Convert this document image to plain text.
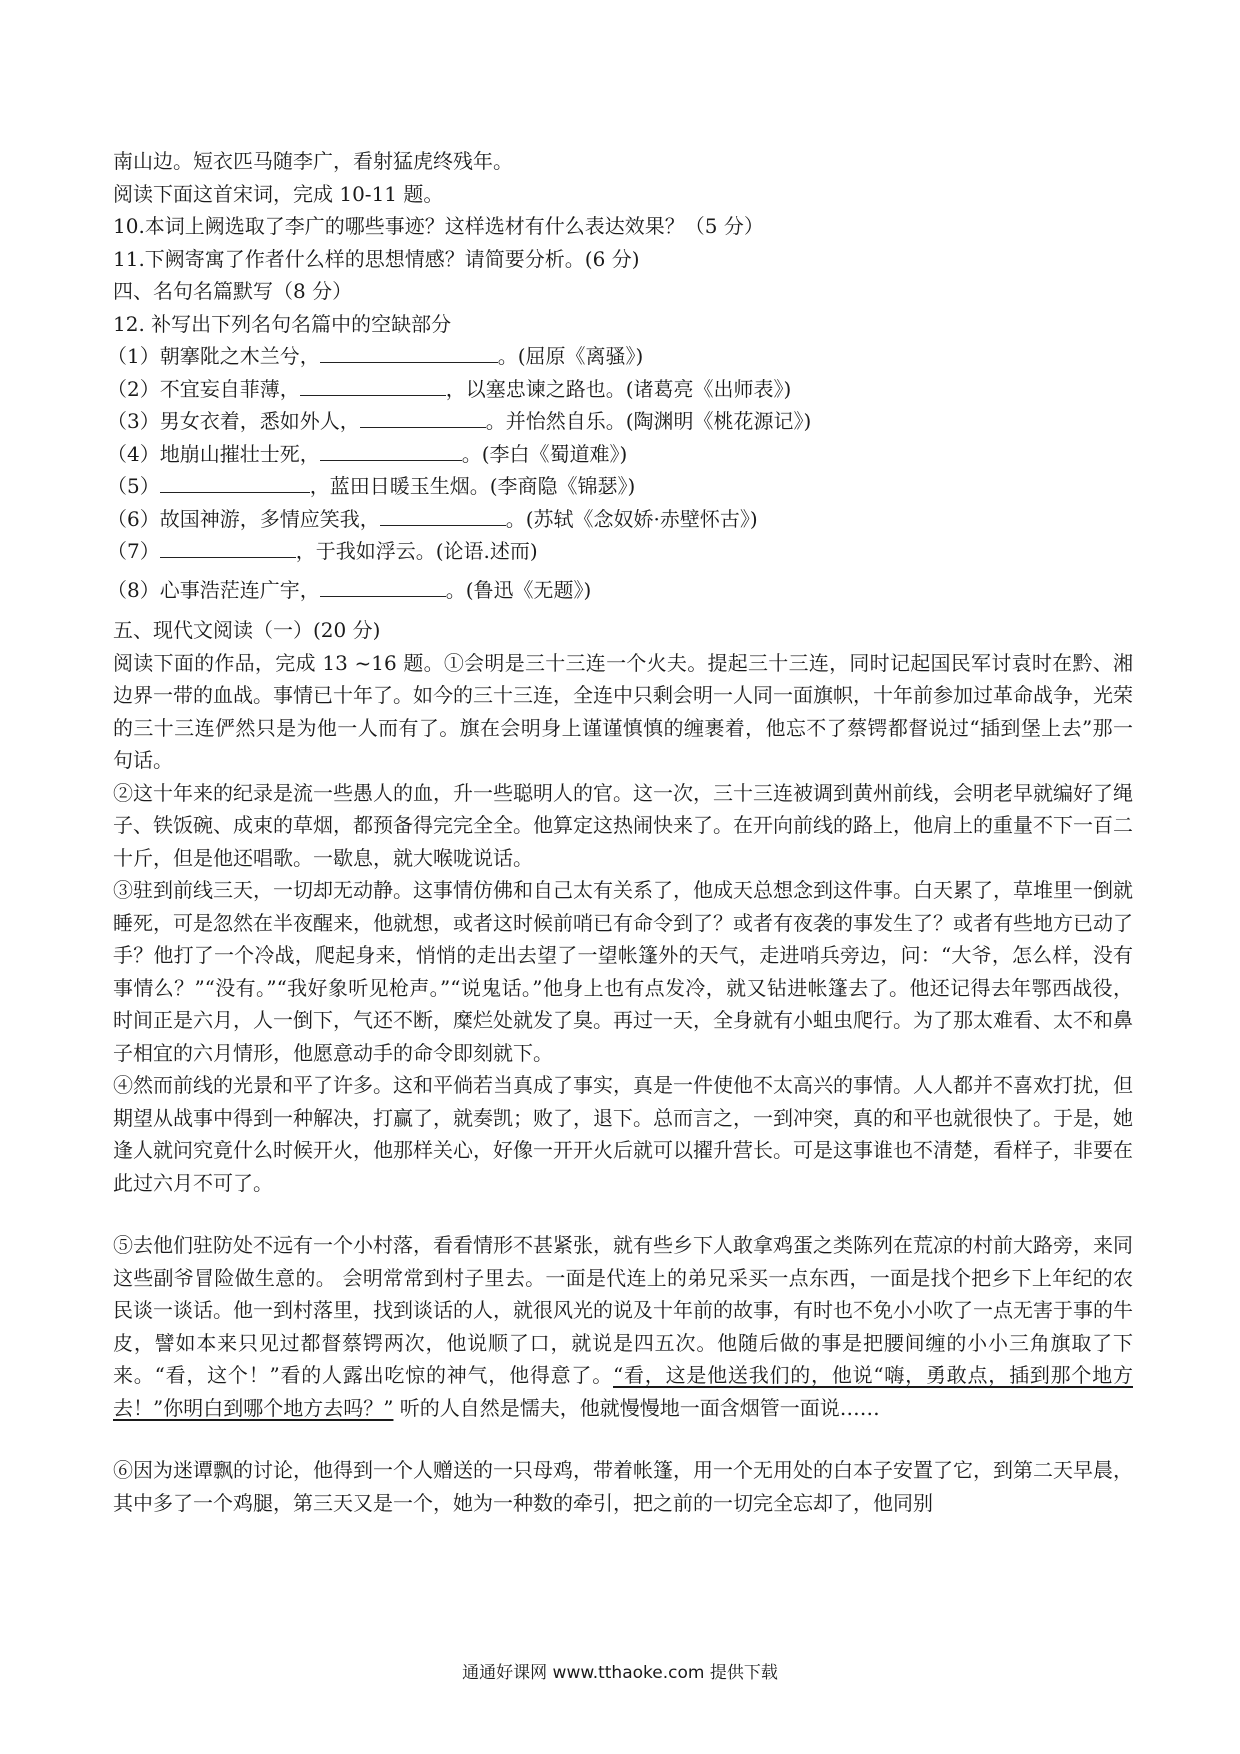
南山边。短衣匹马随李广，看射猛虎终残年。
阅读下面这首宋词，完成 10-11 题。
10.本词上阙选取了李广的哪些事迹？这样选材有什么表达效果？（5 分）
11.下阙寄寓了作者什么样的思想情感？请简要分析。(6 分)
四、名句名篇默写（8 分）
12. 补写出下列名句名篇中的空缺部分
（1）朝搴阰之木兰兮，	。(屈原《离骚》)
（2）不宜妄自菲薄，	，以塞忠谏之路也。(诸葛亮《出师表》)
（3）男女衣着，悉如外人，	。并怡然自乐。(陶渊明《桃花源记》)
（4）地崩山摧壮士死，	。(李白《蜀道难》)
（5）	，蓝田日暖玉生烟。(李商隐《锦瑟》)
（6）故国神游，多情应笑我，	。(苏轼《念奴娇·赤壁怀古》)
（7）	，于我如浮云。(论语.述而)
（8）心事浩茫连广宇，	。(鲁迅《无题》)
五、现代文阅读（一）(20 分)

阅读下面的作品，完成 13 ~16 题。①会明是三十三连一个火夫。提起三十三连，同时记起国民军讨袁时在黔、湘边界一带的血战。事情已十年了。如今的三十三连，全连中只剩会明一人同一面旗帜，十年前参加过革命战争，光荣的三十三连俨然只是为他一人而有了。旗在会明身上谨谨慎慎的缠裹着，他忘不了蔡锷都督说过“插到堡上去”那一句话。

②这十年来的纪录是流一些愚人的血，升一些聪明人的官。这一次，三十三连被调到黄州前线，会明老早就编好了绳子、铁饭碗、成束的草烟，都预备得完完全全。他算定这热闹快来了。在开向前线的路上，他肩上的重量不下一百二十斤，但是他还唱歌。一歇息，就大喉咙说话。

③驻到前线三天，一切却无动静。这事情仿佛和自己太有关系了，他成天总想念到这件事。白天累了，草堆里一倒就睡死，可是忽然在半夜醒来，他就想，或者这时候前哨已有命令到了？或者有夜袭的事发生了？或者有些地方已动了手？他打了一个冷战，爬起身来，悄悄的走出去望了一望帐篷外的天气，走进哨兵旁边，问：“大爷，怎么样，没有事情么？”“没有。”“我好象听见枪声。”“说鬼话。”他身上也有点发冷，就又钻进帐篷去了。他还记得去年鄂西战役，时间正是六月，人一倒下，气还不断，糜烂处就发了臭。再过一天，全身就有小蛆虫爬行。为了那太难看、太不和鼻子相宜的六月情形，他愿意动手的命令即刻就下。

④然而前线的光景和平了许多。这和平倘若当真成了事实，真是一件使他不太高兴的事情。人人都并不喜欢打扰，但期望从战事中得到一种解决，打赢了，就奏凯；败了，退下。总而言之，一到冲突，真的和平也就很快了。于是，她逢人就问究竟什么时候开火，他那样关心，好像一开开火后就可以擢升营长。可是这事谁也不清楚，看样子，非要在此过六月不可了。

⑤去他们驻防处不远有一个小村落，看看情形不甚紧张，就有些乡下人敢拿鸡蛋之类陈列在荒凉的村前大路旁，来同这些副爷冒险做生意的。 会明常常到村子里去。一面是代连上的弟兄采买一点东西，一面是找个把乡下上年纪的农民谈一谈话。他一到村落里，找到谈话的人，就很风光的说及十年前的故事，有时也不免小小吹了一点无害于事的牛皮，譬如本来只见过都督蔡锷两次，他说顺了口，就说是四五次。他随后做的事是把腰间缠的小小三角旗取了下来。“看，这个！”看的人露出吃惊的神气，他得意了。“看，这是他送我们的，他说“嗨，勇敢点，插到那个地方去！”你明白到哪个地方去吗？” 听的人自然是懦夫，他就慢慢地一面含烟管一面说……

⑥因为迷谭飘的讨论，他得到一个人赠送的一只母鸡，带着帐篷，用一个无用处的白本子安置了它，到第二天早晨，其中多了一个鸡腿，第三天又是一个，她为一种数的牵引，把之前的一切完全忘却了，他同别

通通好课网 www.tthaoke.com 提供下载
